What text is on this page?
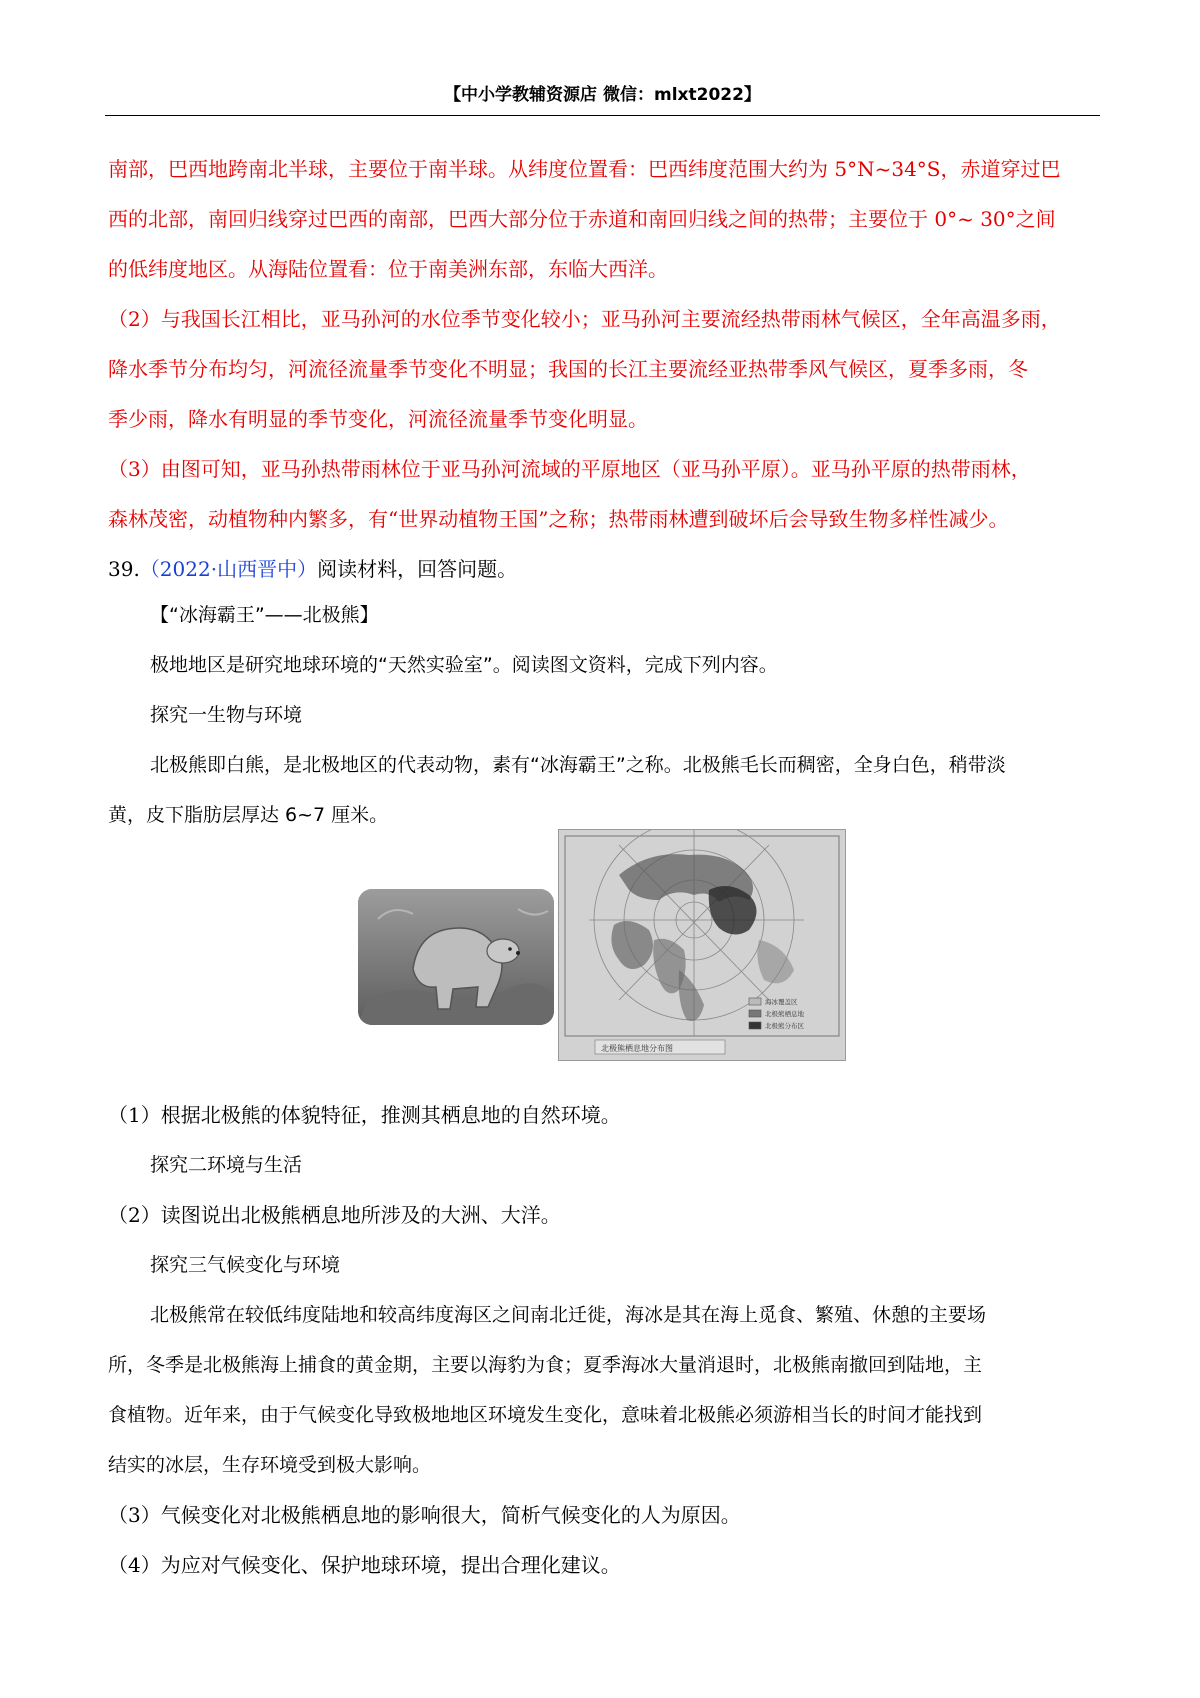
【中小学教辅资源店 微信：mlxt2022】
南部，巴西地跨南北半球，主要位于南半球。从纬度位置看：巴西纬度范围大约为 5°N~34°S，赤道穿过巴
西的北部，南回归线穿过巴西的南部，巴西大部分位于赤道和南回归线之间的热带；主要位于 0°~ 30°之间
的低纬度地区。从海陆位置看：位于南美洲东部，东临大西洋。
（2）与我国长江相比，亚马孙河的水位季节变化较小；亚马孙河主要流经热带雨林气候区，全年高温多雨，
降水季节分布均匀，河流径流量季节变化不明显；我国的长江主要流经亚热带季风气候区，夏季多雨，冬
季少雨，降水有明显的季节变化，河流径流量季节变化明显。
（3）由图可知，亚马孙热带雨林位于亚马孙河流域的平原地区（亚马孙平原）。亚马孙平原的热带雨林，
森林茂密，动植物种内繁多，有“世界动植物王国”之称；热带雨林遭到破坏后会导致生物多样性减少。
39.（2022·山西晋中）阅读材料，回答问题。
【“冰海霸王”——北极熊】
极地地区是研究地球环境的“天然实验室”。阅读图文资料，完成下列内容。
探究一生物与环境
北极熊即白熊，是北极地区的代表动物，素有“冰海霸王”之称。北极熊毛长而稠密，全身白色，稍带淡
黄，皮下脂肪层厚达 6~7 厘米。
海冰覆盖区
北极熊栖息地
北极熊分布区
北极熊栖息地分布图
（1）根据北极熊的体貌特征，推测其栖息地的自然环境。
探究二环境与生活
（2）读图说出北极熊栖息地所涉及的大洲、大洋。
探究三气候变化与环境
北极熊常在较低纬度陆地和较高纬度海区之间南北迁徙，海冰是其在海上觅食、繁殖、休憩的主要场
所，冬季是北极熊海上捕食的黄金期，主要以海豹为食；夏季海冰大量消退时，北极熊南撤回到陆地，主
食植物。近年来，由于气候变化导致极地地区环境发生变化，意味着北极熊必须游相当长的时间才能找到
结实的冰层，生存环境受到极大影响。
（3）气候变化对北极熊栖息地的影响很大，简析气候变化的人为原因。
（4）为应对气候变化、保护地球环境，提出合理化建议。
